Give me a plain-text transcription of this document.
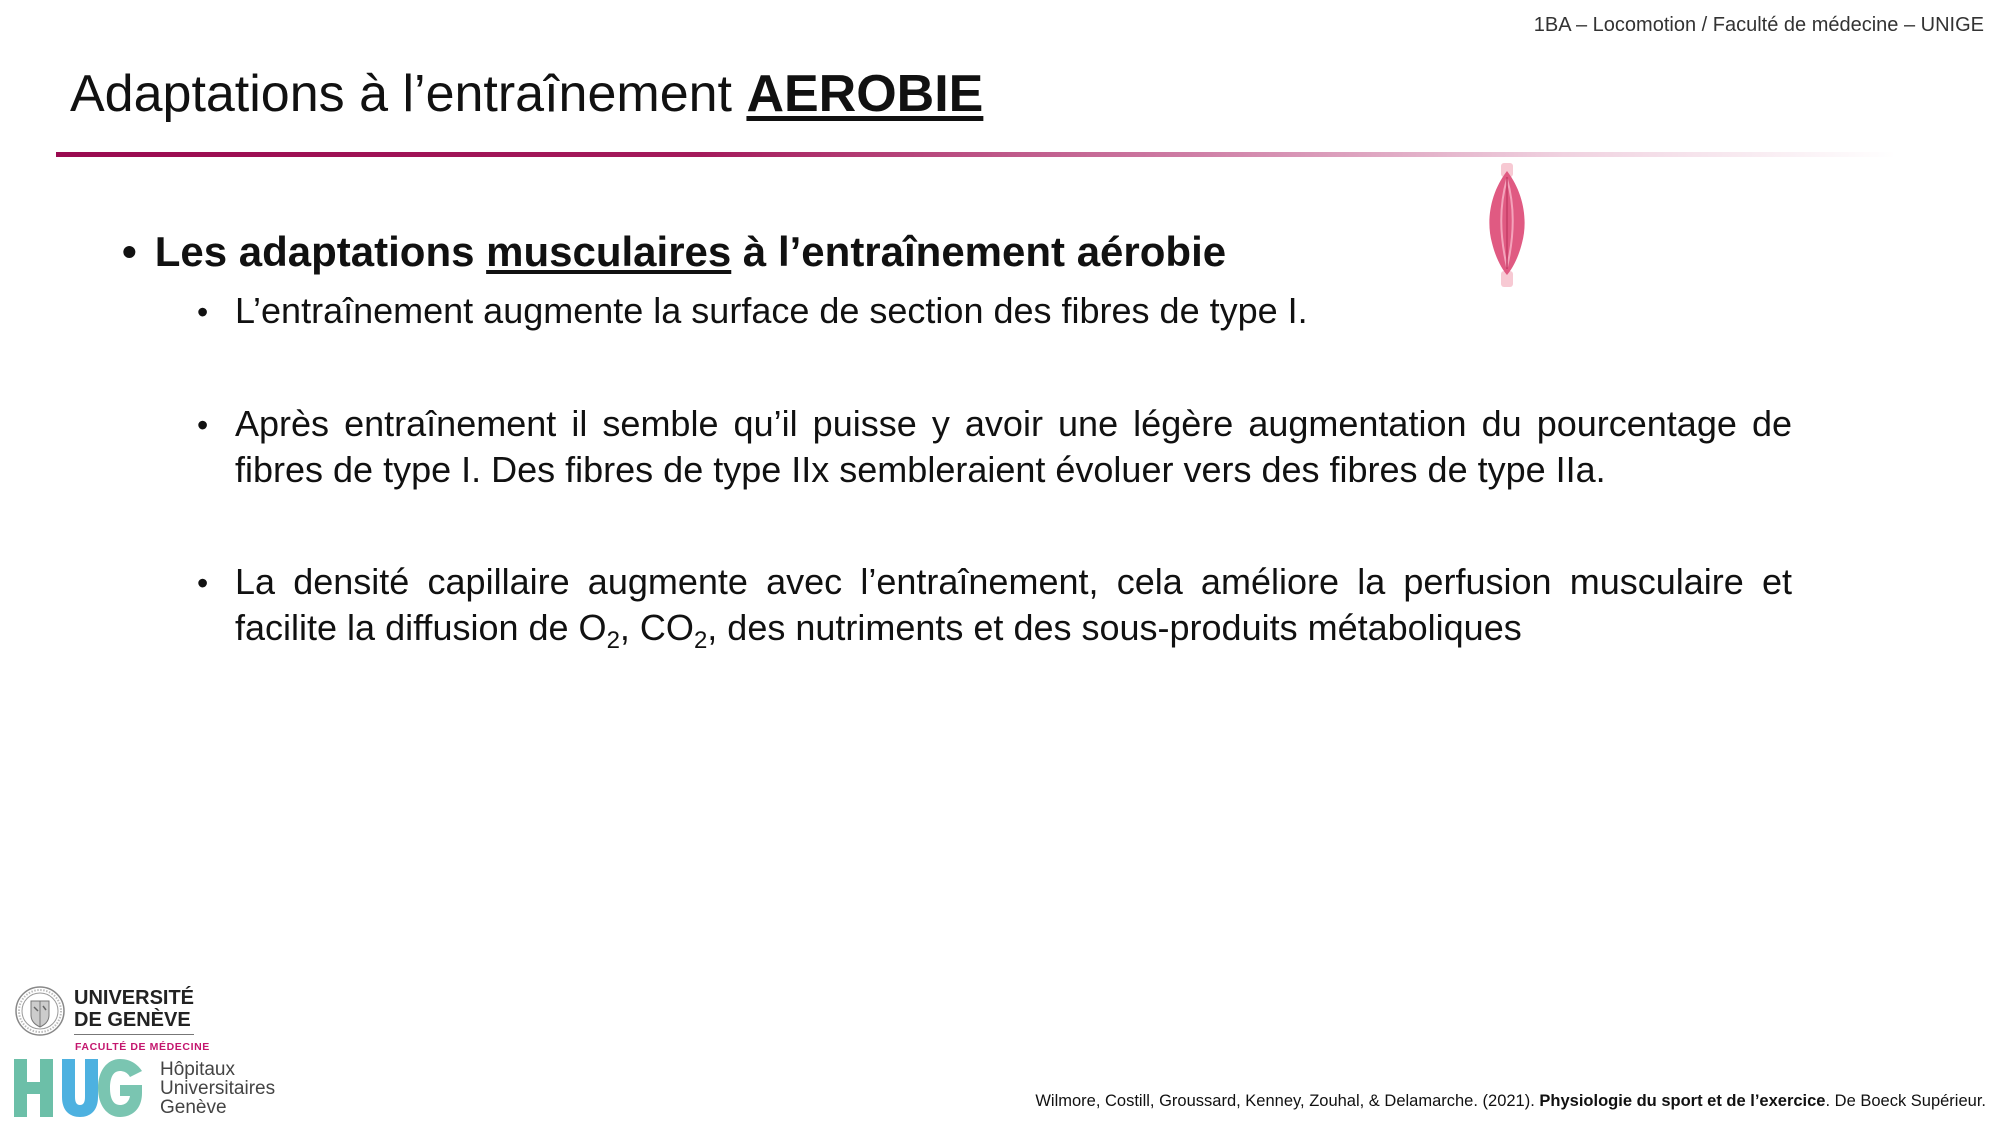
1BA – Locomotion / Faculté de médecine – UNIGE
Adaptations à l’entraînement AEROBIE
• Les adaptations musculaires à l’entraînement aérobie
• L’entraînement augmente la surface de section des fibres de type I.
• Après entraînement il semble qu’il puisse y avoir une légère augmentation du pourcentage de fibres de type I. Des fibres de type IIx sembleraient évoluer vers des fibres de type IIa.
• La densité capillaire augmente avec l’entraînement, cela améliore la perfusion musculaire et facilite la diffusion de $O_2$, $CO_2$, des nutriments et des sous-produits métaboliques
UNIVERSITÉ
DE GENÈVE
FACULTÉ DE MÉDECINE
Hôpitaux
Universitaires
Genève	Wilmore, Costill, Groussard, Kenney, Zouhal, & Delamarche. (2021). Physiologie du sport et de l’exercice. De Boeck Supérieur.
